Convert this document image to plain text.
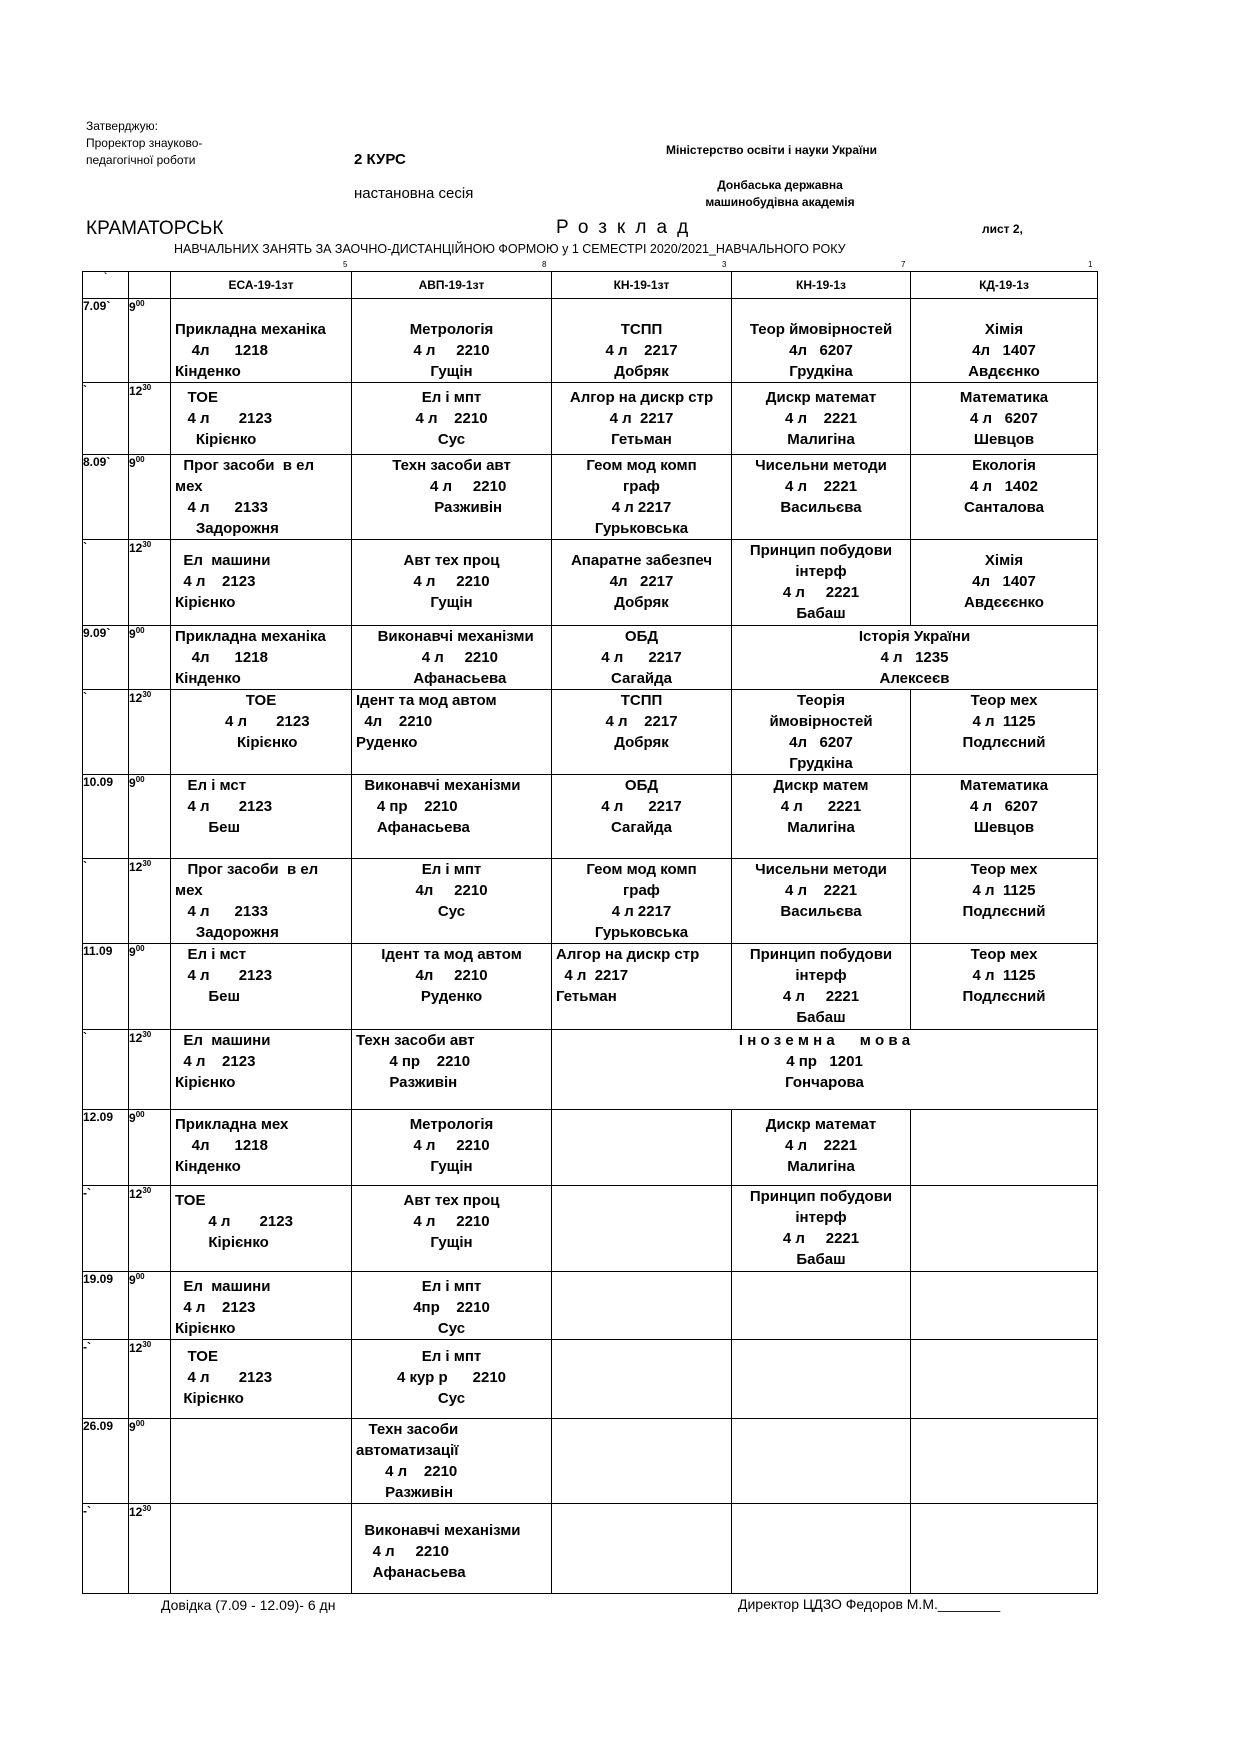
Затверджую:
Проректор знауково-
педагогічної роботи	2 КУРС
настановна сесія
Міністерство освіти і науки України
Донбаська державна
машинобудівна академія
КРАМАТОРСЬК	Розклад	лист 2,
НАВЧАЛЬНИХ ЗАНЯТЬ ЗА ЗАОЧНО-ДИСТАНЦІЙНОЮ ФОРМОЮ у 1 СЕМЕСТРІ 2020/2021_НАВЧАЛЬНОГО РОКУ
5	8	3	7	1
`		ЕСА-19-1зт	АВП-19-1зт	КН-19-1зт	КН-19-1з	КД-19-1з
7.09`	$9^{00}$	Прикладна механіка
4л      1218
Кінденко	Метрологія
4 л     2210
Гущін	ТСПП
4 л    2217
Добряк	Теор ймовірностей
4л   6207
Грудкіна	Хімія
4л   1407
Авдєєнко

`	$12^{30}$	ТОЕ
4 л       2123
Кірієнко	Ел і мпт
4 л    2210
Сус	Алгор на дискр стр
4 л  2217
Гетьман	Дискр математ
4 л    2221
Малигіна	Математика
4 л   6207
Шевцов

8.09`	$9^{00}$	Прог засоби  в ел
мех
4 л      2133
Задорожня	Техн засоби авт
4 л     2210
Разживін	Геом мод комп
граф
4 л 2217
Гурьковська	Чисельни методи
4 л    2221
Васильєва	Екологія
4 л   1402
Санталова

`	$12^{30}$	Ел  машини
4 л    2123
Кірієнко	Авт тех проц
4 л     2210
Гущін	Апаратне забезпеч
4л   2217
Добряк	Принцип побудови
інтерф
4 л     2221
Бабаш	Хімія
4л   1407
Авдєєєнко

9.09`	$9^{00}$	Прикладна механіка
4л      1218
Кінденко	Виконавчі механізми
4 л     2210
Афанасьева	ОБД
4 л      2217
Сагайда	Історія України
4 л   1235
Алексеєв	

`	$12^{30}$	ТОЕ
4 л       2123
Кірієнко	Ідент та мод автом
4л    2210
Руденко	ТСПП
4 л    2217
Добряк	Теорія
ймовірностей
4л   6207
Грудкіна	Теор мех
4 л  1125
Подлєсний

10.09	$9^{00}$	Ел і мст
4 л       2123
Беш	Виконавчі механізми
4 пр    2210
Афанасьева	ОБД
4 л      2217
Сагайда	Дискр матем
4 л      2221
Малигіна	Математика
4 л   6207
Шевцов

`	$12^{30}$	Прог засоби  в ел
мех
4 л      2133
Задорожня	Ел і мпт
4л     2210
Сус	Геом мод комп
граф
4 л 2217
Гурьковська	Чисельни методи
4 л    2221
Васильєва	Теор мех
4 л  1125
Подлєсний

11.09	$9^{00}$	Ел і мст
4 л       2123
Беш	Ідент та мод автом
4л     2210
Руденко	Алгор на дискр стр
4 л  2217
Гетьман	Принцип побудови
інтерф
4 л     2221
Бабаш	Теор мех
4 л  1125
Подлєсний

`	$12^{30}$	Ел  машини
4 л    2123
Кірієнко	Техн засоби авт
4 пр    2210
Разживін	І н о з е м н а      м о в а
4 пр   1201
Гончарова		

12.09	$9^{00}$	Прикладна мех
4л      1218
Кінденко	Метрологія
4 л     2210
Гущін		Дискр математ
4 л    2221
Малигіна	

-`	$12^{30}$	ТОЕ
4 л       2123
Кірієнко	Авт тех проц
4 л     2210
Гущін		Принцип побудови
інтерф
4 л     2221
Бабаш	

19.09	$9^{00}$	Ел  машини
4 л    2123
Кірієнко	Ел і мпт
4пр    2210
Сус			

-`	$12^{30}$	ТОЕ
4 л       2123
Кірієнко	Ел і мпт
4 кур р      2210
Сус			

26.09	$9^{00}$		Техн засоби
автоматизації
4 л    2210
Разживін			

-`	$12^{30}$		Виконавчі механізми
4 л     2210
Афанасьева			

Довідка (7.09 - 12.09)- 6 дн	Директор ЦДЗО Федоров М.М.________
